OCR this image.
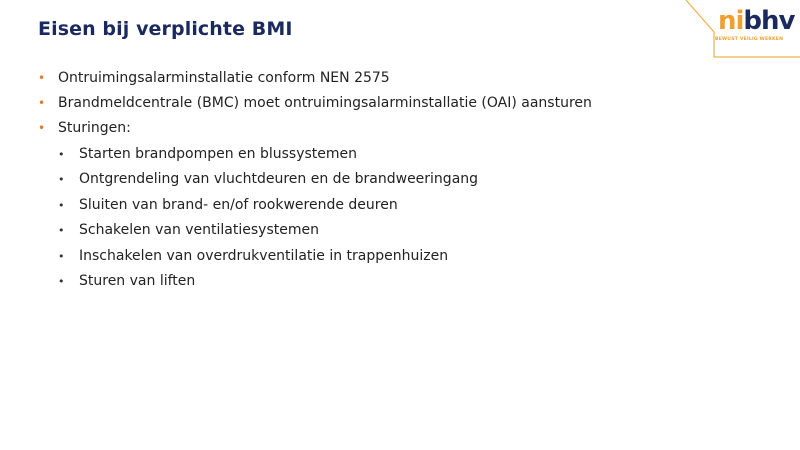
Eisen bij verplichte BMI	nibhv
BEWUST VEILIG WERKEN
• Ontruimingsalarminstallatie conform NEN 2575
• Brandmeldcentrale (BMC) moet ontruimingsalarminstallatie (OAI) aansturen
• Sturingen:
• Starten brandpompen en blussystemen
• Ontgrendeling van vluchtdeuren en de brandweeringang
• Sluiten van brand- en/of rookwerende deuren
• Schakelen van ventilatiesystemen
• Inschakelen van overdrukventilatie in trappenhuizen
• Sturen van liften
